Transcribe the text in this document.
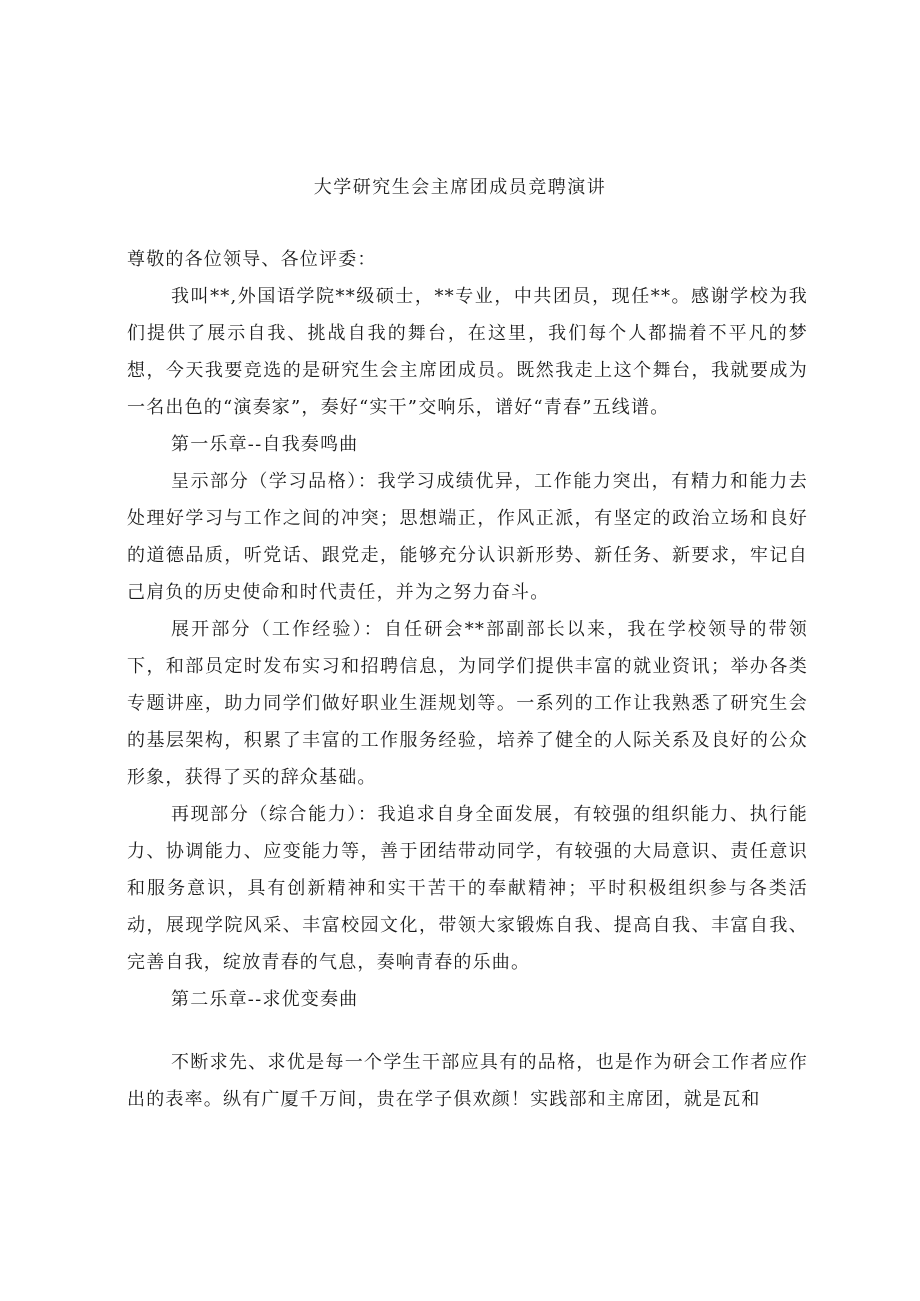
大学研究生会主席团成员竞聘演讲

尊敬的各位领导、各位评委：

我叫**,外国语学院**级硕士，**专业，中共团员，现任**。感谢学校为我们提供了展示自我、挑战自我的舞台，在这里，我们每个人都揣着不平凡的梦想，今天我要竞选的是研究生会主席团成员。既然我走上这个舞台，我就要成为一名出色的“演奏家”，奏好“实干”交响乐，谱好“青春”五线谱。

第一乐章--自我奏鸣曲

呈示部分（学习品格）：我学习成绩优异，工作能力突出，有精力和能力去处理好学习与工作之间的冲突；思想端正，作风正派，有坚定的政治立场和良好的道德品质，听党话、跟党走，能够充分认识新形势、新任务、新要求，牢记自己肩负的历史使命和时代责任，并为之努力奋斗。

展开部分（工作经验）：自任研会**部副部长以来，我在学校领导的带领下，和部员定时发布实习和招聘信息，为同学们提供丰富的就业资讯；举办各类专题讲座，助力同学们做好职业生涯规划等。一系列的工作让我熟悉了研究生会的基层架构，积累了丰富的工作服务经验，培养了健全的人际关系及良好的公众形象，获得了买的辞众基础。

再现部分（综合能力）：我追求自身全面发展，有较强的组织能力、执行能力、协调能力、应变能力等，善于团结带动同学，有较强的大局意识、责任意识和服务意识，具有创新精神和实干苦干的奉献精神；平时积极组织参与各类活动，展现学院风采、丰富校园文化，带领大家锻炼自我、提高自我、丰富自我、完善自我，绽放青春的气息，奏响青春的乐曲。

第二乐章--求优变奏曲

不断求先、求优是每一个学生干部应具有的品格，也是作为研会工作者应作出的表率。纵有广厦千万间，贵在学子俱欢颜！实践部和主席团，就是瓦和
